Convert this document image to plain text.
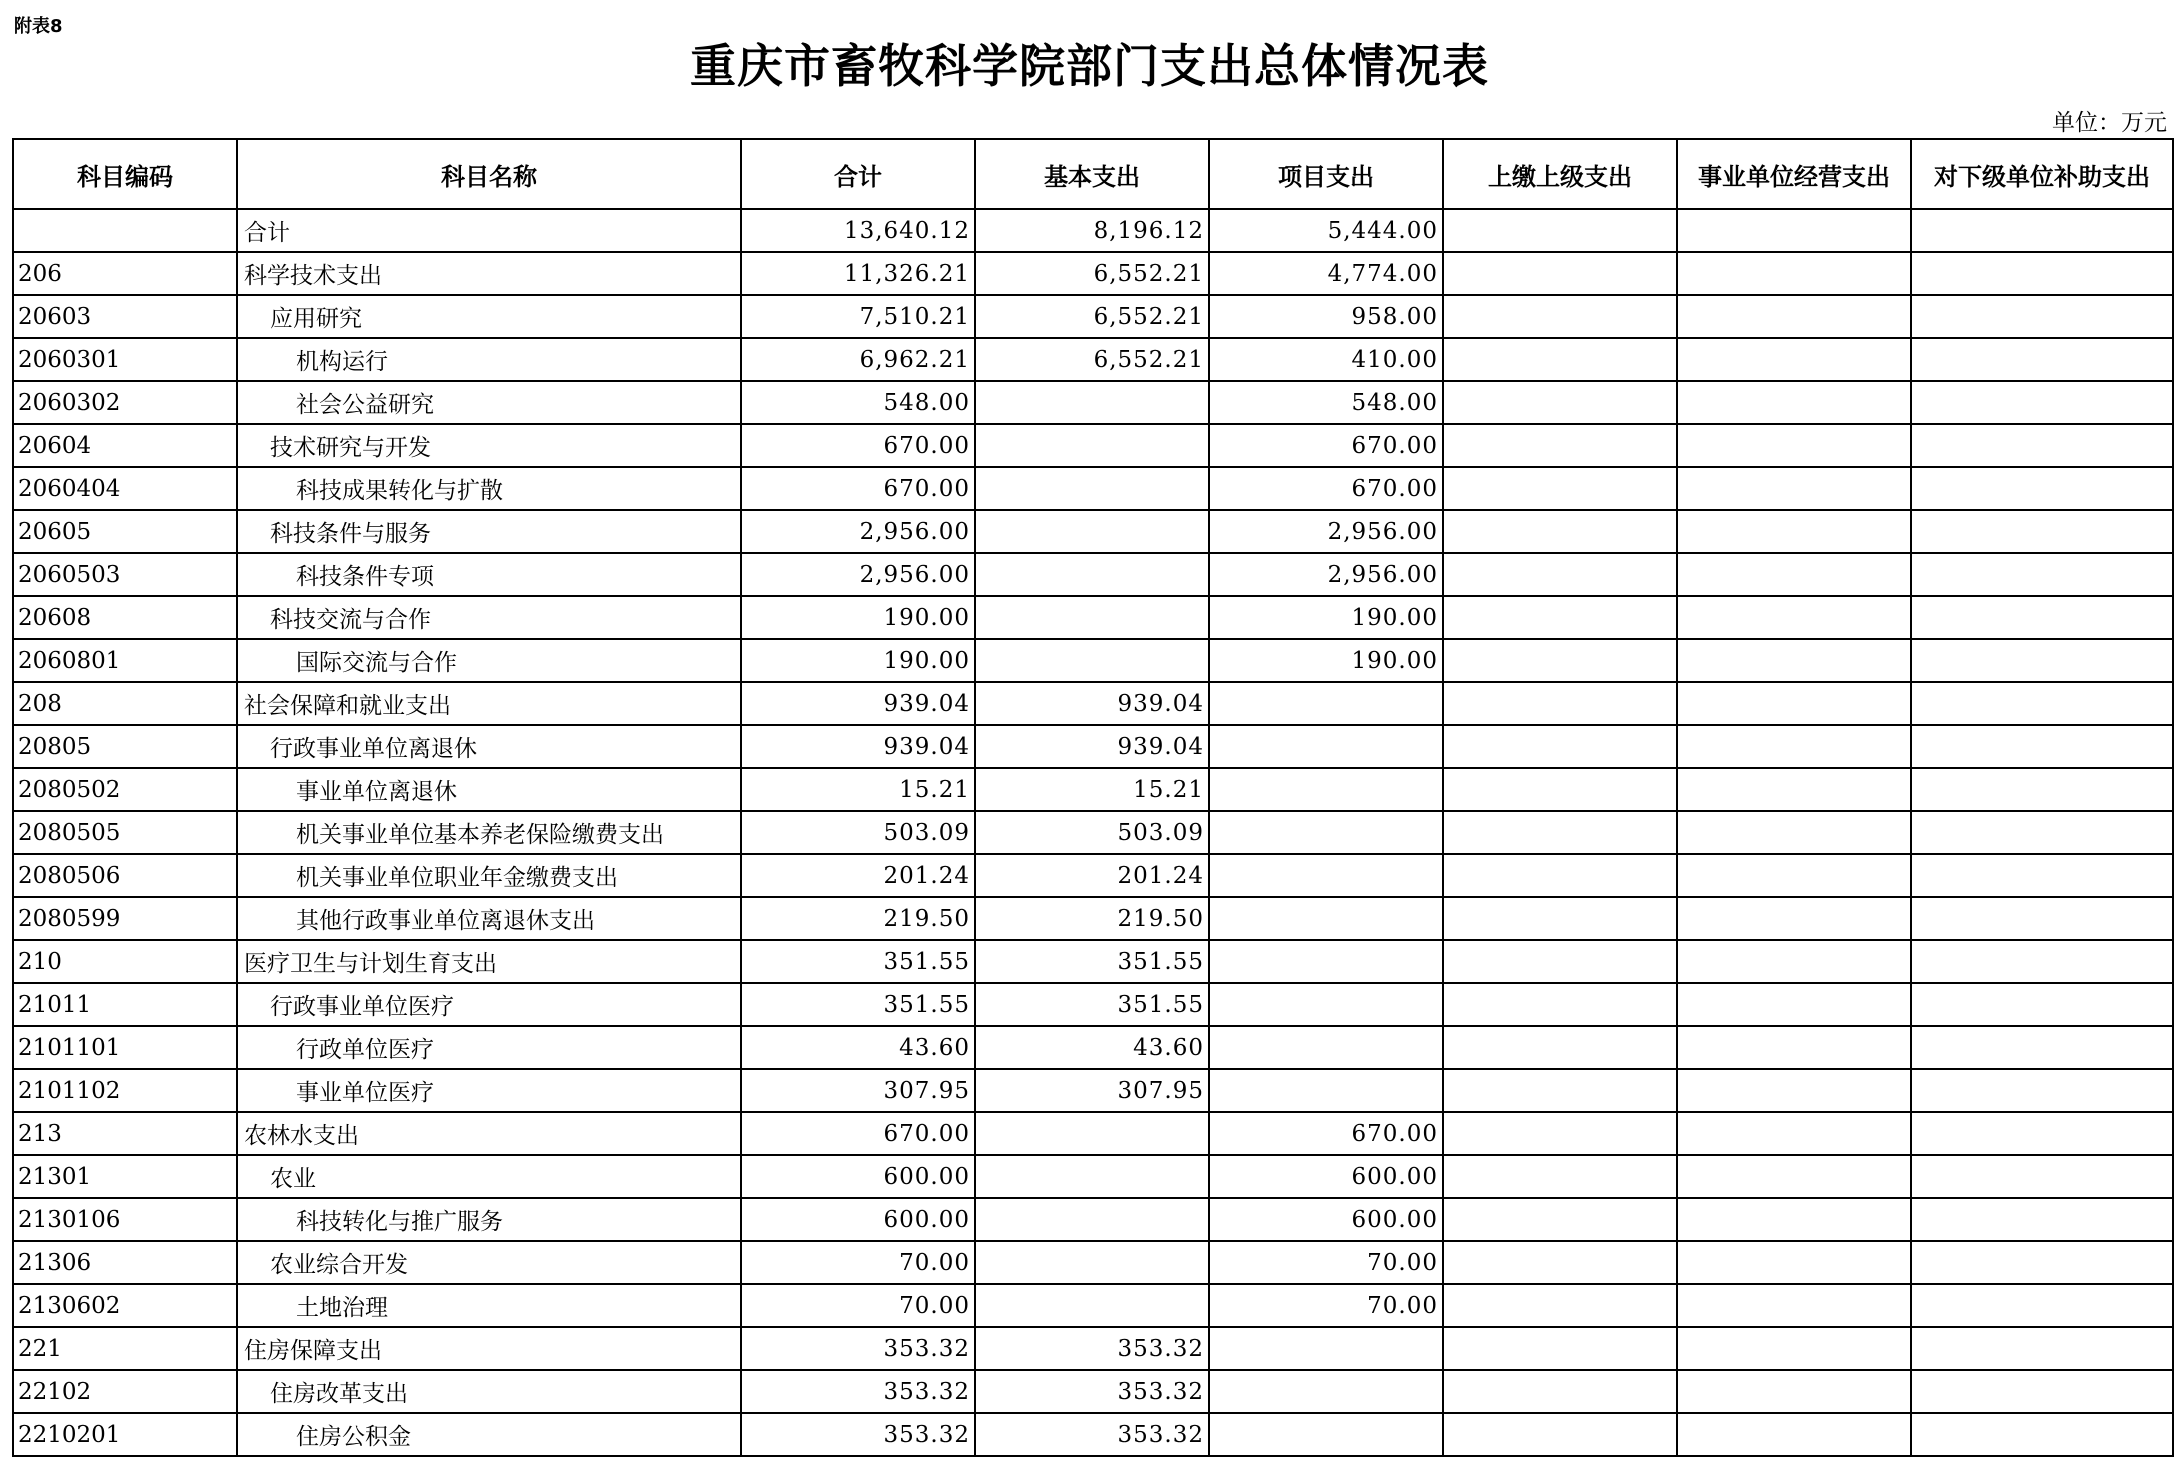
附表8
重庆市畜牧科学院部门支出总体情况表
单位：万元
科目编码	科目名称	合计	基本支出	项目支出	上缴上级支出	事业单位经营支出	对下级单位补助支出
	合计	13,640.12	8,196.12	5,444.00			
206	科学技术支出	11,326.21	6,552.21	4,774.00			
20603	应用研究	7,510.21	6,552.21	958.00			
2060301	机构运行	6,962.21	6,552.21	410.00			
2060302	社会公益研究	548.00		548.00			
20604	技术研究与开发	670.00		670.00			
2060404	科技成果转化与扩散	670.00		670.00			
20605	科技条件与服务	2,956.00		2,956.00			
2060503	科技条件专项	2,956.00		2,956.00			
20608	科技交流与合作	190.00		190.00			
2060801	国际交流与合作	190.00		190.00			
208	社会保障和就业支出	939.04	939.04				
20805	行政事业单位离退休	939.04	939.04				
2080502	事业单位离退休	15.21	15.21				
2080505	机关事业单位基本养老保险缴费支出	503.09	503.09				
2080506	机关事业单位职业年金缴费支出	201.24	201.24				
2080599	其他行政事业单位离退休支出	219.50	219.50				
210	医疗卫生与计划生育支出	351.55	351.55				
21011	行政事业单位医疗	351.55	351.55				
2101101	行政单位医疗	43.60	43.60				
2101102	事业单位医疗	307.95	307.95				
213	农林水支出	670.00		670.00			
21301	农业	600.00		600.00			
2130106	科技转化与推广服务	600.00		600.00			
21306	农业综合开发	70.00		70.00			
2130602	土地治理	70.00		70.00			
221	住房保障支出	353.32	353.32				
22102	住房改革支出	353.32	353.32				
2210201	住房公积金	353.32	353.32				
